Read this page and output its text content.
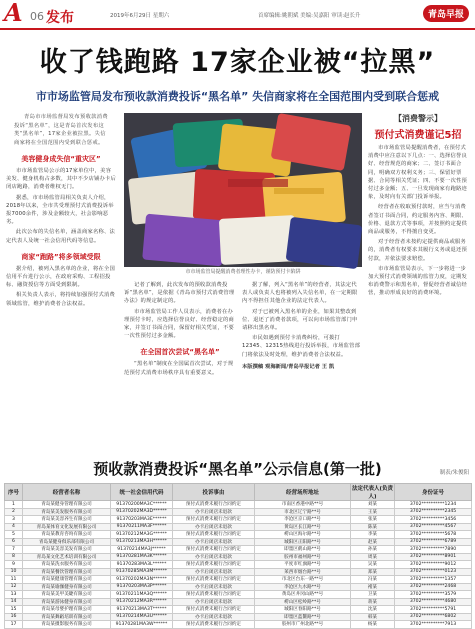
A 06 发布	2019年6月29日 星期六	首席编辑:姚朝斌 美编:吴嘉阳 审读:赵长升	青岛早报
收了钱跑路 17家企业被“拉黑”
市市场监管局发布预收款消费投诉“黑名单” 失信商家将在全国范围内受到联合惩戒
青岛市市场监督局发布预收款消费投诉“黑名单”，这是青岛首次发布这类“黑名单”，17家企业被拉黑。失信商家将在全国范围内受到联合惩戒。
美容健身成失信“重灾区”

市市场监管局公示的17家单位中，美容美发、健身机构占多数，其中不少店铺办卡后闭店跑路，消费者维权无门。

据悉，市市场监管局相关负责人介绍，2018年以来，全市共受理预付式消费投诉举报7000余件，涉及金额较大，社会影响恶劣。

此次公布的失信名单，涵盖商家名称、法定代表人及统一社会信用代码等信息。

商家“跑路”将多领域受限

据介绍，被列入黑名单的企业，将在全国信用平台进行公示，在政府采购、工程招投标、融资授信等方面受到限制。

相关负责人表示，将持续加强预付式消费领域监管，维护消费者合法权益。

市市场监管局提醒消费者理性办卡，谨防预付卡陷阱

记者了解到，此次发布的预收款消费投诉“黑名单”，是依据《青岛市预付式消费管理办法》的规定制定的。

市市场监管局工作人员表示，消费者在办理预付卡时，应选择信誉良好、经营稳定的商家，并签订书面合同，保留好相关凭证，不要一次性预付过多金额。

在全国首次尝试“黑名单”

“黑名单”制度在全国属首次尝试，对于规范预付式消费市场秩序具有重要意义。

据了解，列入“黑名单”的经营者，其法定代表人或负责人也将被列入失信名单，在一定期限内不得担任其他企业的法定代表人。

对于已被列入黑名单的企业，如果其整改到位、退还了消费者款项，可以向市场监管部门申请移出黑名单。

市民如遇到预付卡消费纠纷，可拨打12345、12315热线进行投诉举报，市场监管部门将依法及时处理，维护消费者合法权益。

本版撰稿 观海新闻/青岛早报记者 王 凯
【消费警示】
预付式消费谨记5招

市市场监管局提醒消费者，在预付式消费中应注意以下几点：一、选择信誉良好、经营规范的商家；二、签订书面合同，明确双方权利义务；三、保留好票据、合同等相关凭证；四、不要一次性预付过多金额；五、一旦发现商家有跑路迹象，及时向有关部门投诉举报。

经营者在收取预付款时，应当与消费者签订书面合同，约定服务内容、期限、价格、退款方式等事项，并按照约定提供商品或服务，不得擅自变更。

对于经营者未按约定提供商品或服务的，消费者有权要求其履行义务或退还预付款，并依法要求赔偿。

市市场监管局表示，下一步将进一步加大预付式消费领域的监管力度，定期发布消费警示和黑名单，督促经营者诚信经营，推动形成良好的消费环境。

预收款消费投诉“黑名单”公示信息(第一批)	制表/朱俊阳
序号	经营者名称	统一社会信用代码	投诉事由	经营场所地址	法定代表人(负责人)	身份证号
1	青岛某健身管理有限公司	91370200MA3C******	预付式消费未履行合同约定	市南区香港中路**号	刘某	3702**********1234
2	青岛某美发服务有限公司	91370202MA3D******	办卡后闭店未退款	市北区辽宁路**号	王某	3702**********2345
3	青岛某美容养生有限公司	91370203MA3E******	预付式消费未履行合同约定	李沧区京口路**号	张某	3702**********3456
4	青岛某体育文化发展有限公司	91370211MA3F******	办卡后闭店未退款	黄岛区长江路**号	陈某	3702**********4567
5	青岛某教育咨询有限公司	91370212MA3G******	预付式消费未履行合同约定	崂山区海尔路**号	李某	3702**********5678
6	青岛某健身俱乐部有限公司	91370213MA3H******	办卡后闭店未退款	城阳区正阳路**号	赵某	3702**********6789
7	青岛某美容美发有限公司	91370214MA3J******	预付式消费未履行合同约定	即墨区鹤山路**号	孙某	3702**********7890
8	青岛某文化艺术培训有限公司	91370281MA3K******	办卡后闭店未退款	胶州市福州路**号	周某	3702**********8901
9	青岛某洗衣服务有限公司	91370283MA3L******	预付式消费未履行合同约定	平度市红旗路**号	吴某	3702**********9012
10	青岛某餐饮管理有限公司	91370285MA3M******	办卡后闭店未退款	莱西市烟台路**号	郑某	3702**********0123
11	青岛某健康管理有限公司	91370202MA3N******	预付式消费未履行合同约定	市北区台东一路**号	冯某	3702**********1357
12	青岛某瑜伽健身有限公司	91370203MA3P******	办卡后闭店未退款	李沧区九水路**号	褚某	3702**********2468
13	青岛某美甲美睫有限公司	91370211MA3Q******	预付式消费未履行合同约定	黄岛区井冈山路**号	卫某	3702**********3579
14	青岛某游泳健身有限公司	91370212MA3R******	办卡后闭店未退款	崂山区松岭路**号	蒋某	3702**********4680
15	青岛某母婴护理有限公司	91370213MA3T******	预付式消费未履行合同约定	城阳区春阳路**号	沈某	3702**********5791
16	青岛某舞蹈培训有限公司	91370214MA3U******	办卡后闭店未退款	即墨区蓝鳌路**号	韩某	3702**********6802
17	青岛某摄影服务有限公司	91370281MA3W******	预付式消费未履行合同约定	胶州市广州北路**号	杨某	3702**********7913
